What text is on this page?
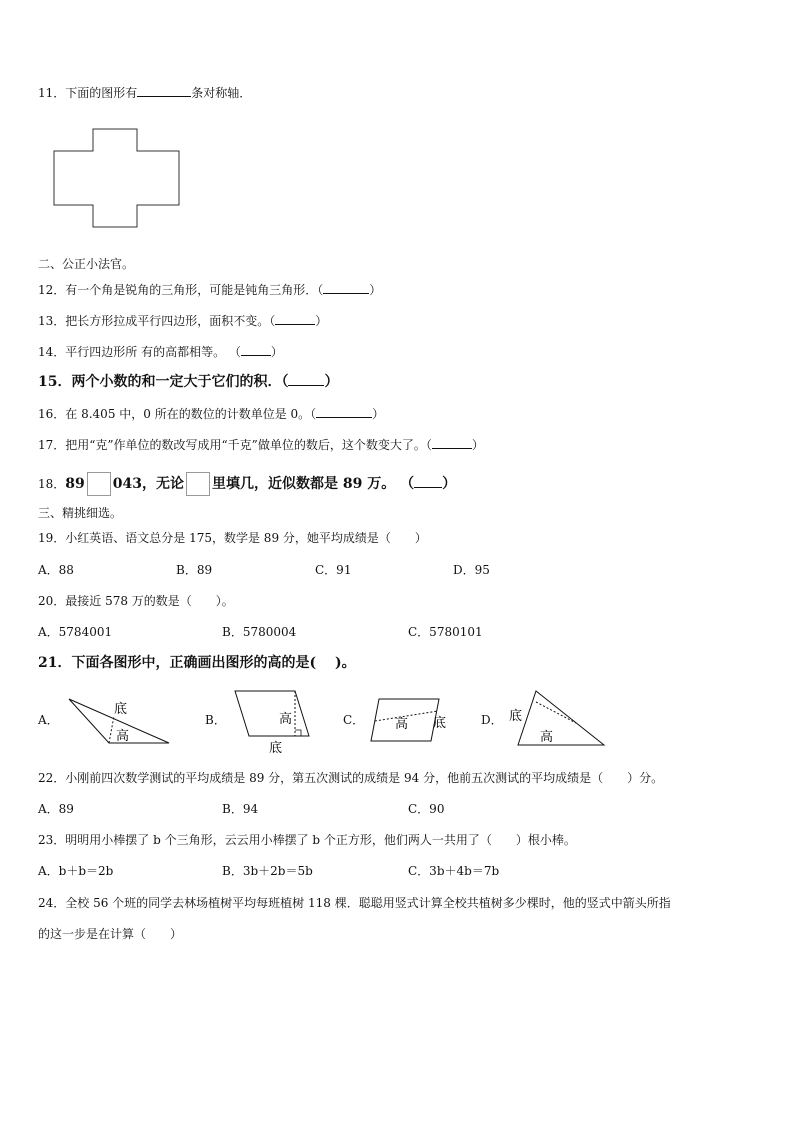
11．下面的图形有	条对称轴．
二、公正小法官。
12．有一个角是锐角的三角形，可能是钝角三角形．（	）
13．把长方形拉成平行四边形，面积不变。（	）
14．平行四边形所 有的高都相等。 （	）
15．两个小数的和一定大于它们的积．（	）
16．在 8.405 中，0 所在的数位的计数单位是 0。（	）
17．把用“克”作单位的数改写成用“千克”做单位的数后，这个数变大了。（	）
18．89 043，无论 里填几，近似数都是 89 万。 （ ）
三、精挑细选。
19．小红英语、语文总分是 175，数学是 89 分，她平均成绩是（　　）
A．88	B．89	C．91	D．95
20．最接近 578 万的数是（　　）。
A．5784001	B．5780004	C．5780101
21．下面各图形中，正确画出图形的高的是(　 )。
A．
底
高
B．	高
底
C． 高 底	D． 底
高
22．小刚前四次数学测试的平均成绩是 89 分，第五次测试的成绩是 94 分，他前五次测试的平均成绩是（　　）分。
A．89	B．94	C．90
23．明明用小棒摆了 b 个三角形，云云用小棒摆了 b 个正方形，他们两人一共用了（　　）根小棒。
A．b＋b＝2b	B．3b＋2b＝5b	C．3b＋4b＝7b
24．全校 56 个班的同学去林场植树平均每班植树 118 棵．聪聪用竖式计算全校共植树多少棵时，他的竖式中箭头所指
的这一步是在计算（　　）
